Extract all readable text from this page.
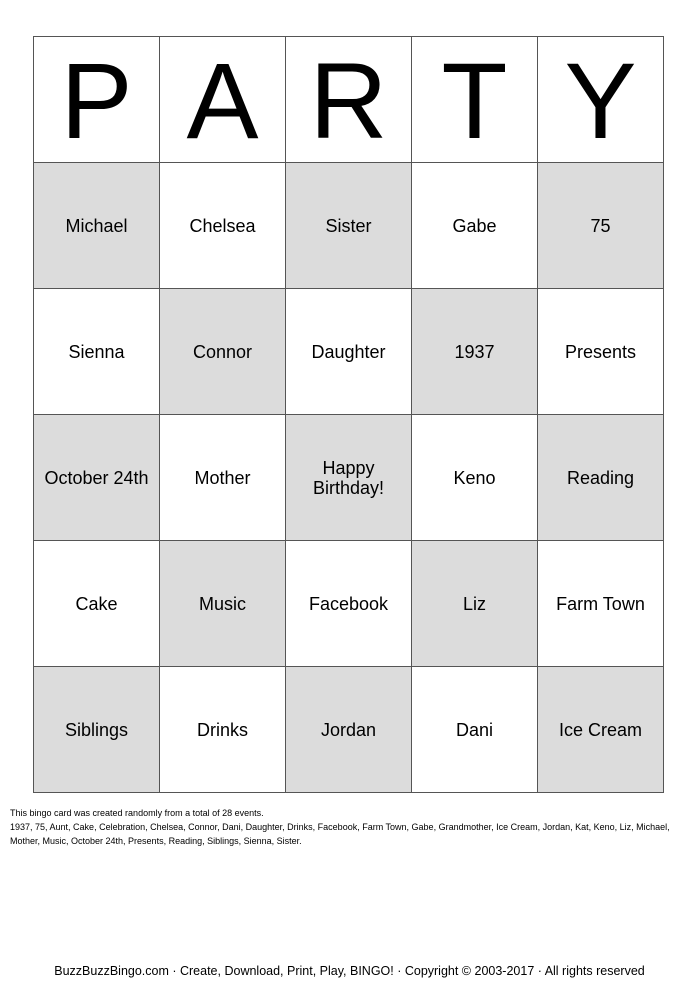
P	A	R	T	Y
Michael	Chelsea	Sister	Gabe	75
Sienna	Connor	Daughter	1937	Presents
October 24th	Mother	Happy Birthday!	Keno	Reading
Cake	Music	Facebook	Liz	Farm Town
Siblings	Drinks	Jordan	Dani	Ice Cream
This bingo card was created randomly from a total of 28 events.
1937, 75, Aunt, Cake, Celebration, Chelsea, Connor, Dani, Daughter, Drinks, Facebook, Farm Town, Gabe, Grandmother, Ice Cream, Jordan, Kat, Keno, Liz, Michael, Mother, Music, October 24th, Presents, Reading, Siblings, Sienna, Sister.
BuzzBuzzBingo.com · Create, Download, Print, Play, BINGO! · Copyright © 2003-2017 · All rights reserved
